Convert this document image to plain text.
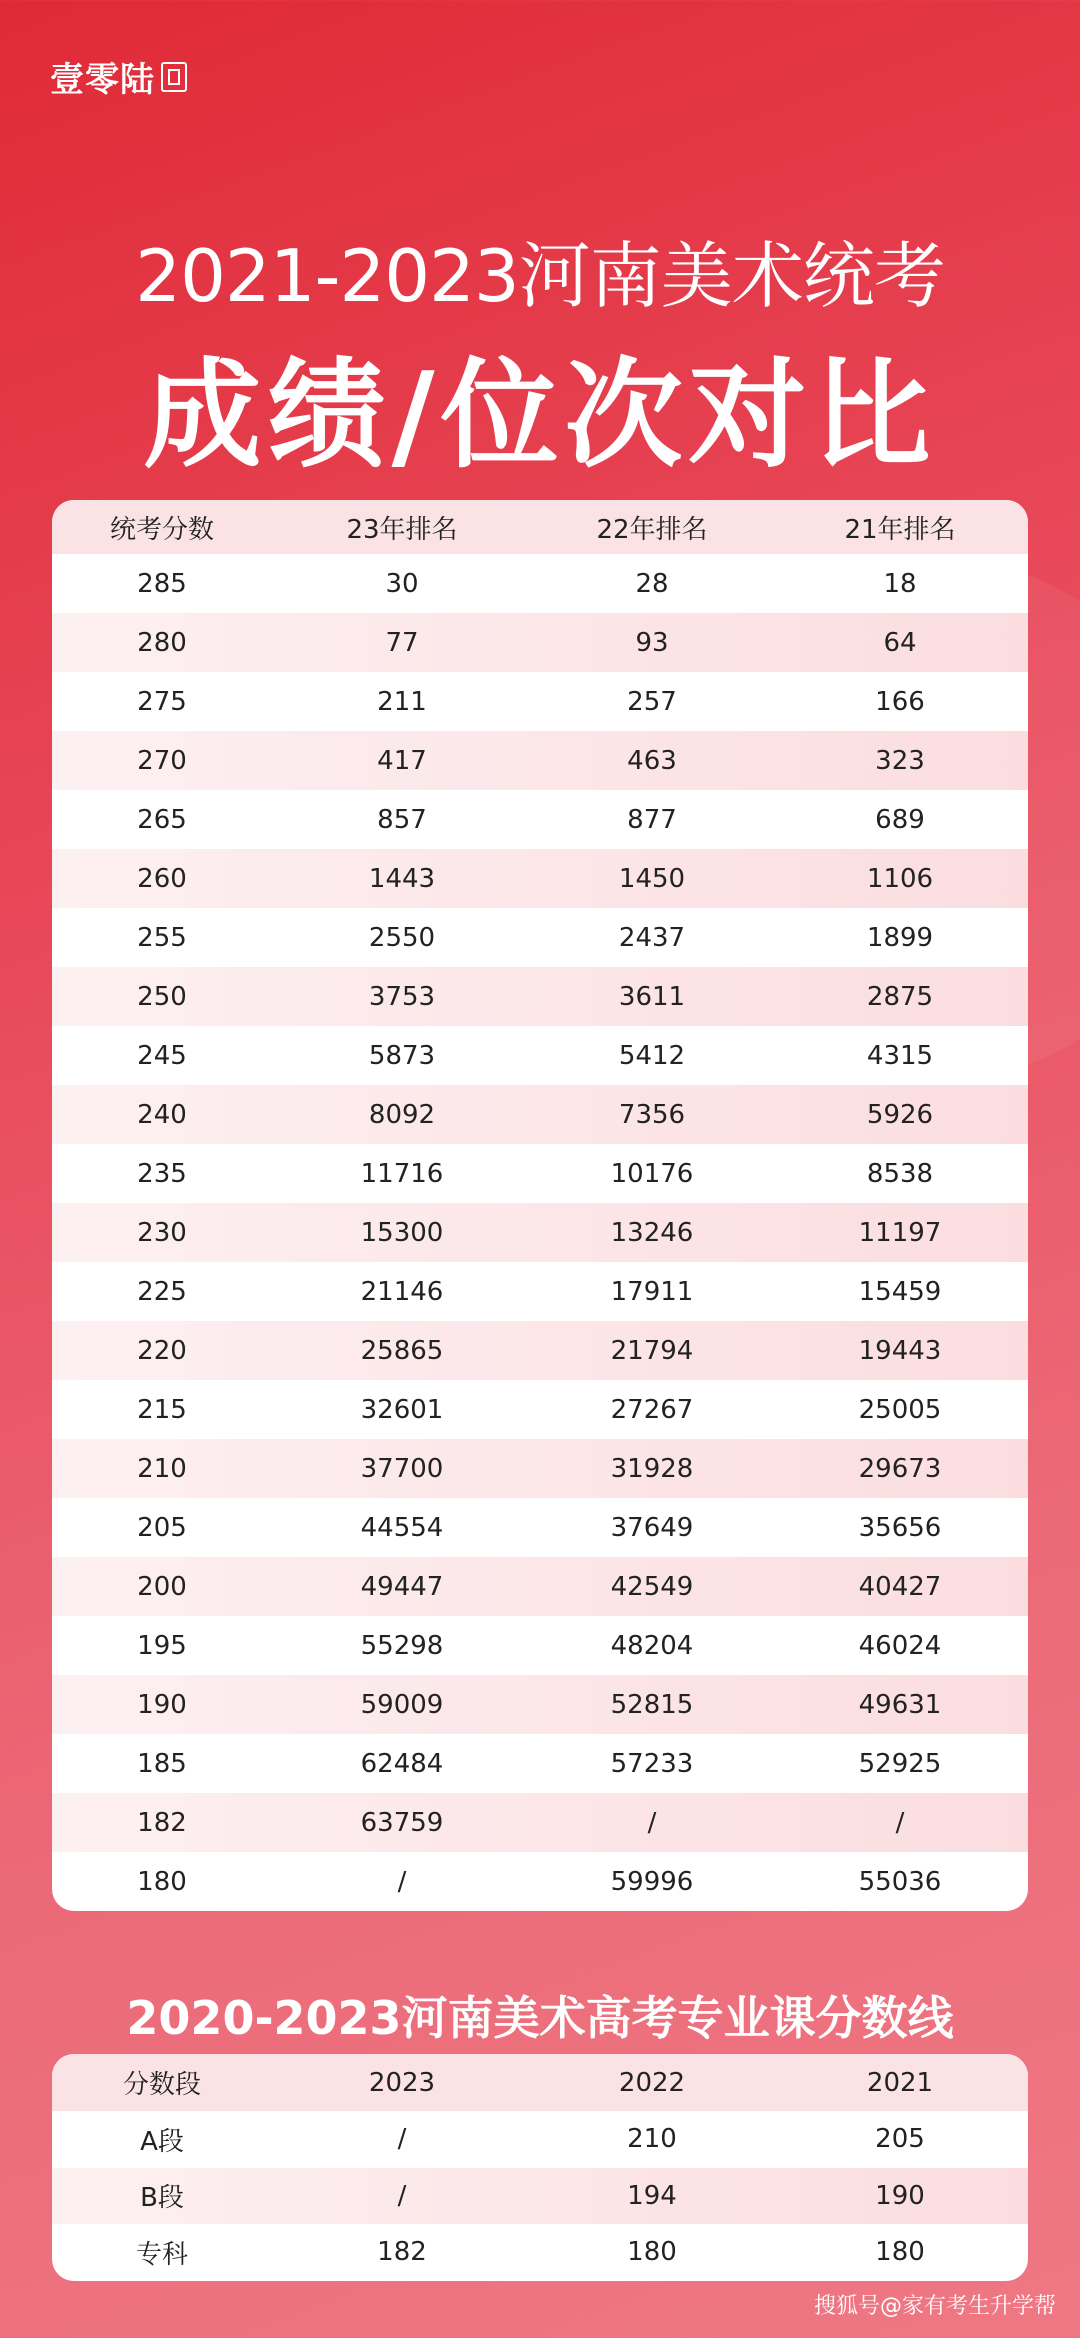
壹零陆
2021-2023河南美术统考
成绩/位次对比
统考分数	23年排名	22年排名	21年排名
285	30	28	18
280	77	93	64
275	211	257	166
270	417	463	323
265	857	877	689
260	1443	1450	1106
255	2550	2437	1899
250	3753	3611	2875
245	5873	5412	4315
240	8092	7356	5926
235	11716	10176	8538
230	15300	13246	11197
225	21146	17911	15459
220	25865	21794	19443
215	32601	27267	25005
210	37700	31928	29673
205	44554	37649	35656
200	49447	42549	40427
195	55298	48204	46024
190	59009	52815	49631
185	62484	57233	52925
182	63759	/	/
180	/	59996	55036
2020-2023河南美术高考专业课分数线
分数段	2023	2022	2021
A段	/	210	205
B段	/	194	190
专科	182	180	180
搜狐号@家有考生升学帮
